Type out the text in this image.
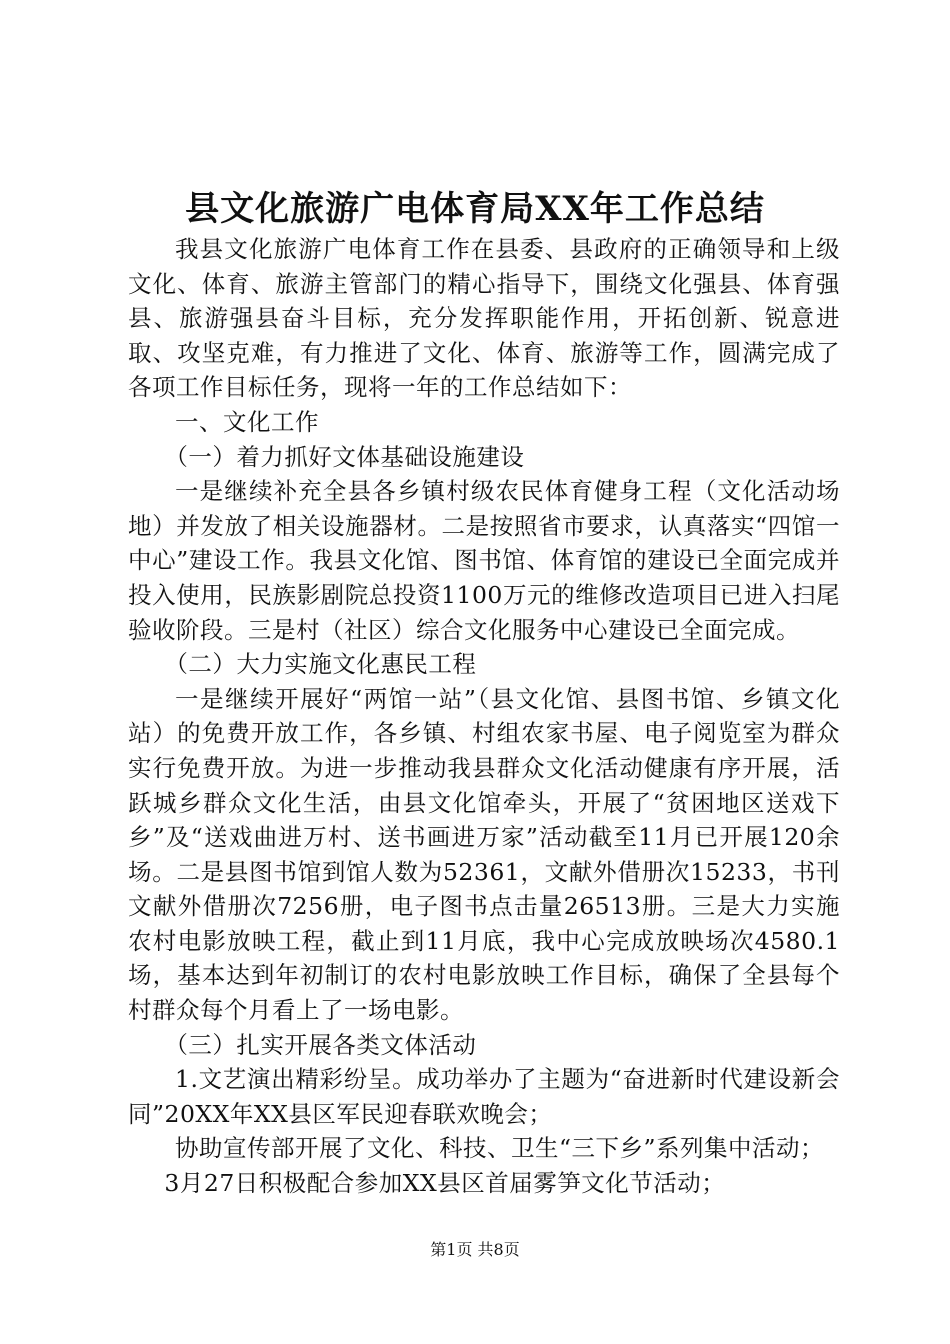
县文化旅游广电体育局XX年工作总结

我县文化旅游广电体育工作在县委、县政府的正确领导和上级文化、体育、旅游主管部门的精心指导下，围绕文化强县、体育强县、旅游强县奋斗目标，充分发挥职能作用，开拓创新、锐意进取、攻坚克难，有力推进了文化、体育、旅游等工作，圆满完成了各项工作目标任务，现将一年的工作总结如下：

一、文化工作

（一）着力抓好文体基础设施建设

一是继续补充全县各乡镇村级农民体育健身工程（文化活动场地）并发放了相关设施器材。二是按照省市要求，认真落实“四馆一中心”建设工作。我县文化馆、图书馆、体育馆的建设已全面完成并投入使用，民族影剧院总投资1100万元的维修改造项目已进入扫尾验收阶段。三是村（社区）综合文化服务中心建设已全面完成。

（二）大力实施文化惠民工程

一是继续开展好“两馆一站”（县文化馆、县图书馆、乡镇文化站）的免费开放工作，各乡镇、村组农家书屋、电子阅览室为群众实行免费开放。为进一步推动我县群众文化活动健康有序开展，活跃城乡群众文化生活，由县文化馆牵头，开展了“贫困地区送戏下乡”及“送戏曲进万村、送书画进万家”活动截至11月已开展120余场。二是县图书馆到馆人数为52361，文献外借册次15233，书刊文献外借册次7256册，电子图书点击量26513册。三是大力实施农村电影放映工程，截止到11月底，我中心完成放映场次4580.1场，基本达到年初制订的农村电影放映工作目标，确保了全县每个村群众每个月看上了一场电影。

（三）扎实开展各类文体活动

1.文艺演出精彩纷呈。成功举办了主题为“奋进新时代建设新会同”20XX年XX县区军民迎春联欢晚会；

协助宣传部开展了文化、科技、卫生“三下乡”系列集中活动；

3月27日积极配合参加XX县区首届雾笋文化节活动；

第1页 共8页
